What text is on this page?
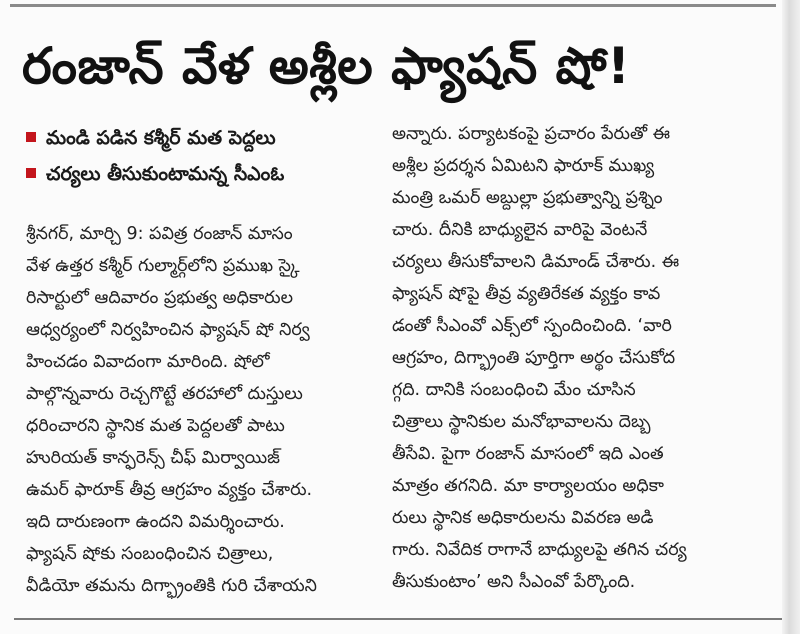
రంజాన్‌ వేళ అశ్లీల ఫ్యాషన్‌ షో!
మండి పడిన కశ్మీర్‌ మత పెద్దలు
చర్యలు తీసుకుంటామన్న సీఎంఓ
శ్రీనగర్‌, మార్చి 9: పవిత్ర రంజాన్‌ మాసం
వేళ ఉత్తర కశ్మీర్‌ గుల్మార్గ్‌లోని ప్రముఖ స్కై
రిసార్టులో ఆదివారం ప్రభుత్వ అధికారుల
ఆధ్వర్యంలో నిర్వహించిన ఫ్యాషన్‌ షో నిర్వ
హించడం వివాదంగా మారింది. షోలో
పాల్గొన్నవారు రెచ్చగొట్టే తరహాలో దుస్తులు
ధరించారని స్థానిక మత పెద్దలతో పాటు
హురియత్‌ కాన్ఫరెన్స్‌ చీఫ్‌ మిర్వాయిజ్‌
ఉమర్‌ ఫారూక్‌ తీవ్ర ఆగ్రహం వ్యక్తం చేశారు.
ఇది దారుణంగా ఉందని విమర్శించారు.
ఫ్యాషన్‌ షోకు సంబంధించిన చిత్రాలు,
వీడియో తమను దిగ్భ్రాంతికి గురి చేశాయని
అన్నారు. పర్యాటకంపై ప్రచారం పేరుతో ఈ
అశ్లీల ప్రదర్శన ఏమిటని ఫారూక్‌ ముఖ్య
మంత్రి ఒమర్‌ అబ్దుల్లా ప్రభుత్వాన్ని ప్రశ్నిం
చారు. దీనికి బాధ్యులైన వారిపై వెంటనే
చర్యలు తీసుకోవాలని డిమాండ్‌ చేశారు. ఈ
ఫ్యాషన్‌ షోపై తీవ్ర వ్యతిరేకత వ్యక్తం కావ
డంతో సీఎంవో ఎక్స్‌లో స్పందించింది. ‘వారి
ఆగ్రహం, దిగ్భ్రాంతి పూర్తిగా అర్థం చేసుకోద
గ్గది. దానికి సంబంధించి మేం చూసిన
చిత్రాలు స్థానికుల మనోభావాలను దెబ్బ
తీసేవి. పైగా రంజాన్‌ మాసంలో ఇది ఎంత
మాత్రం తగనిది. మా కార్యాలయం అధికా
రులు స్థానిక అధికారులను వివరణ అడి
గారు. నివేదిక రాగానే బాధ్యులపై తగిన చర్య
తీసుకుంటాం’ అని సీఎంవో పేర్కొంది.
